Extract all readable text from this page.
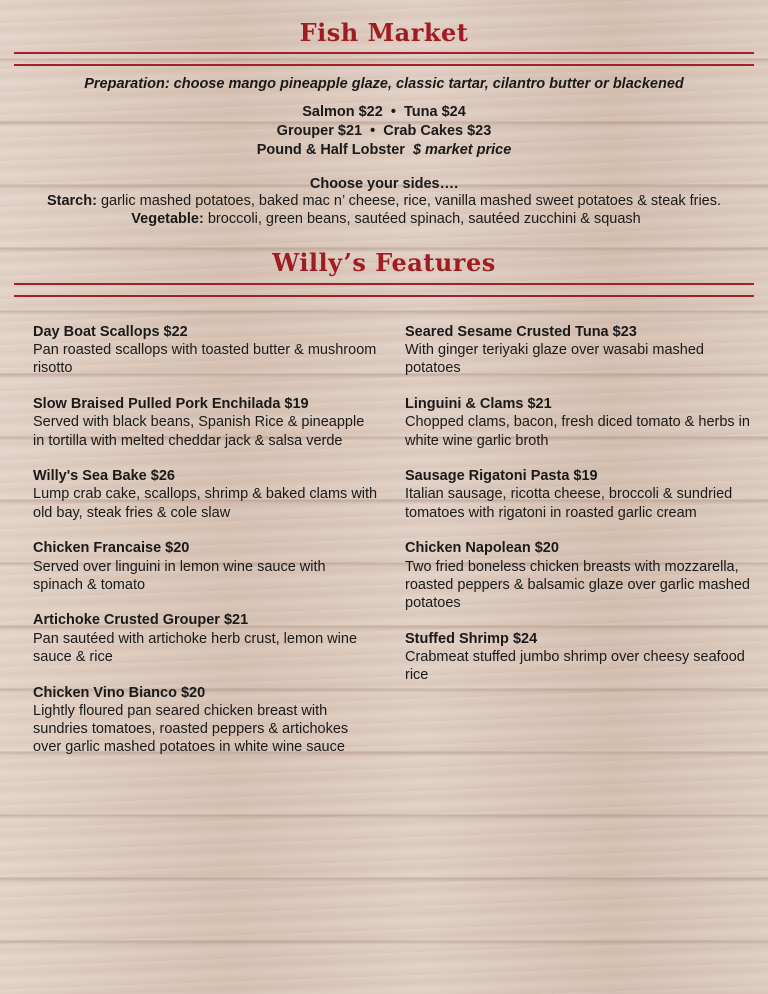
Fish Market
Preparation: choose mango pineapple glaze, classic tartar, cilantro butter or blackened
Salmon $22  •  Tuna $24
Grouper $21  •  Crab Cakes $23
Pound & Half Lobster  $ market price
Choose your sides….
Starch: garlic mashed potatoes, baked mac n’ cheese, rice, vanilla mashed sweet potatoes & steak fries. Vegetable: broccoli, green beans, sautéed spinach, sautéed zucchini & squash
Willy’s Features
Day Boat Scallops $22
Pan roasted scallops with toasted butter & mushroom risotto
Slow Braised Pulled Pork Enchilada $19
Served with black beans, Spanish Rice & pineapple in tortilla with melted cheddar jack & salsa verde
Willy's Sea Bake $26
Lump crab cake, scallops, shrimp & baked clams with old bay, steak fries & cole slaw
Chicken Francaise $20
Served over linguini in lemon wine sauce with spinach & tomato
Artichoke Crusted Grouper $21
Pan sautéed with artichoke herb crust, lemon wine sauce & rice
Chicken Vino Bianco $20
Lightly floured pan seared chicken breast with sundries tomatoes, roasted peppers & artichokes over garlic mashed potatoes in white wine sauce
Seared Sesame Crusted Tuna $23
With ginger teriyaki glaze over wasabi mashed potatoes
Linguini & Clams $21
Chopped clams, bacon, fresh diced tomato & herbs in white wine garlic broth
Sausage Rigatoni Pasta $19
Italian sausage, ricotta cheese, broccoli & sundried tomatoes with rigatoni in roasted garlic cream
Chicken Napolean $20
Two fried boneless chicken breasts with mozzarella, roasted peppers & balsamic glaze over garlic mashed potatoes
Stuffed Shrimp $24
Crabmeat stuffed jumbo shrimp over cheesy seafood rice
